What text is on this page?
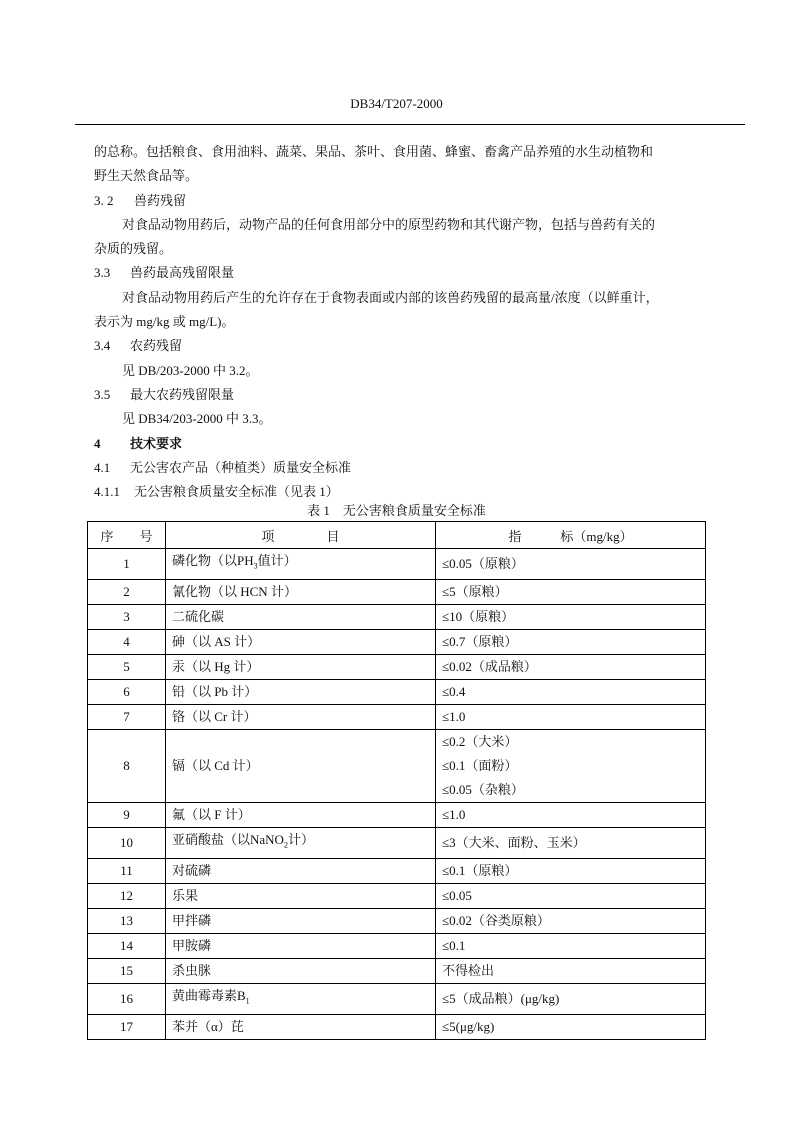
DB34/T207-2000
的总称。包括粮食、食用油料、蔬菜、果品、茶叶、食用菌、蜂蜜、畜禽产品养殖的水生动植物和
野生天然食品等。
3. 2 兽药残留
对食品动物用药后，动物产品的任何食用部分中的原型药物和其代谢产物，包括与兽药有关的
杂质的残留。
3.3 兽药最高残留限量
对食品动物用药后产生的允许存在于食物表面或内部的该兽药残留的最高量/浓度（以鲜重计，
表示为 mg/kg 或 mg/L)。
3.4 农药残留
见 DB/203-2000 中 3.2。
3.5 最大农药残留限量
见 DB34/203-2000 中 3.3。
4 技术要求
4.1 无公害农产品（种植类）质量安全标准
4.1.1 无公害粮食质量安全标准（见表 1）
表 1　无公害粮食质量安全标准
序　　号	项　　　　目	指　　　标（mg/kg）
1	磷化物（以$PH_3$值计）	≤0.05（原粮）

2	氰化物（以 HCN 计）	≤5（原粮）

3	二硫化碳	≤10（原粮）

4	砷（以 AS 计）	≤0.7（原粮）

5	汞（以 Hg 计）	≤0.02（成品粮）

6	铅（以 Pb 计）	≤0.4

7	铬（以 Cr 计）	≤1.0

8	镉（以 Cd 计）	≤0.2（大米）
≤0.1（面粉）
≤0.05（杂粮）

9	氟（以 F 计）	≤1.0

10	亚硝酸盐（以NaNO$_2$计）	≤3（大米、面粉、玉米）

11	对硫磷	≤0.1（原粮）

12	乐果	≤0.05

13	甲拌磷	≤0.02（谷类原粮）

14	甲胺磷	≤0.1

15	杀虫脒	不得检出

16	黄曲霉毒素$B_1$	≤5（成品粮）(μg/kg)

17	苯并（α）芘	≤5(μg/kg)
